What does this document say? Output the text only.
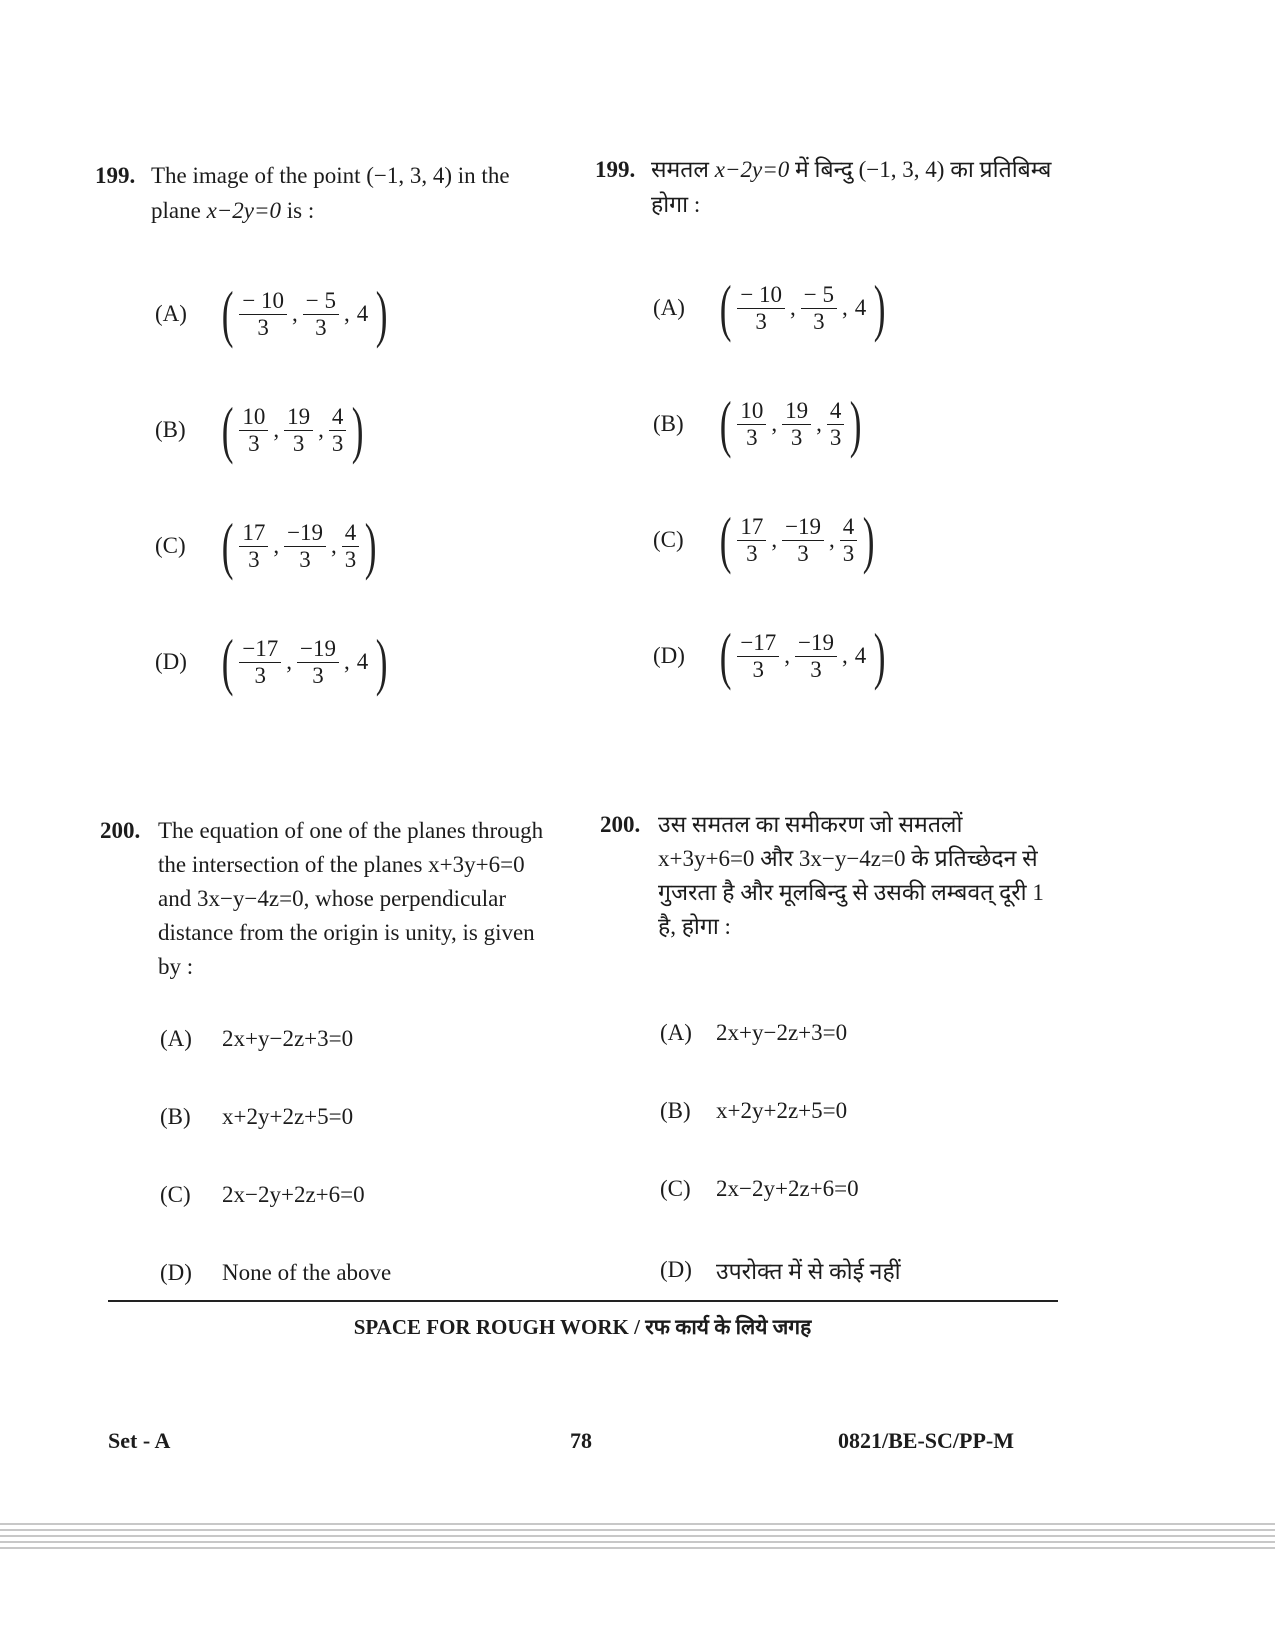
199. The image of the point (−1, 3, 4) in the plane x−2y=0 is :
199. समतल x−2y=0 में बिन्दु (−1, 3, 4) का प्रतिबिम्ब होगा :
(A) ( $\frac{- 10}{3}$ , $\frac{- 5}{3}$ , 4 )
(B) ( $\frac{10}{3}$ , $\frac{19}{3}$ , $\frac{4}{3}$ )
(C) ( $\frac{17}{3}$ , $\frac{-19}{3}$ , $\frac{4}{3}$ )
(D) ( $\frac{-17}{3}$ , $\frac{-19}{3}$ , 4 )
(A) ( $\frac{- 10}{3}$ , $\frac{- 5}{3}$ , 4 )
(B) ( $\frac{10}{3}$ , $\frac{19}{3}$ , $\frac{4}{3}$ )
(C) ( $\frac{17}{3}$ , $\frac{-19}{3}$ , $\frac{4}{3}$ )
(D) ( $\frac{-17}{3}$ , $\frac{-19}{3}$ , 4 )
200. The equation of one of the planes through the intersection of the planes x+3y+6=0 and 3x−y−4z=0, whose perpendicular distance from the origin is unity, is given by :
200. उस समतल का समीकरण जो समतलों x+3y+6=0 और 3x−y−4z=0 के प्रतिच्छेदन से गुजरता है और मूलबिन्दु से उसकी लम्बवत् दूरी 1 है, होगा :
(A)	2x+y−2z+3=0
(B)	x+2y+2z+5=0
(C)	2x−2y+2z+6=0
(D)	None of the above
(A)	2x+y−2z+3=0
(B)	x+2y+2z+5=0
(C)	2x−2y+2z+6=0
(D)	उपरोक्त में से कोई नहीं
SPACE FOR ROUGH WORK / रफ कार्य के लिये जगह
Set - A	78	0821/BE-SC/PP-M
